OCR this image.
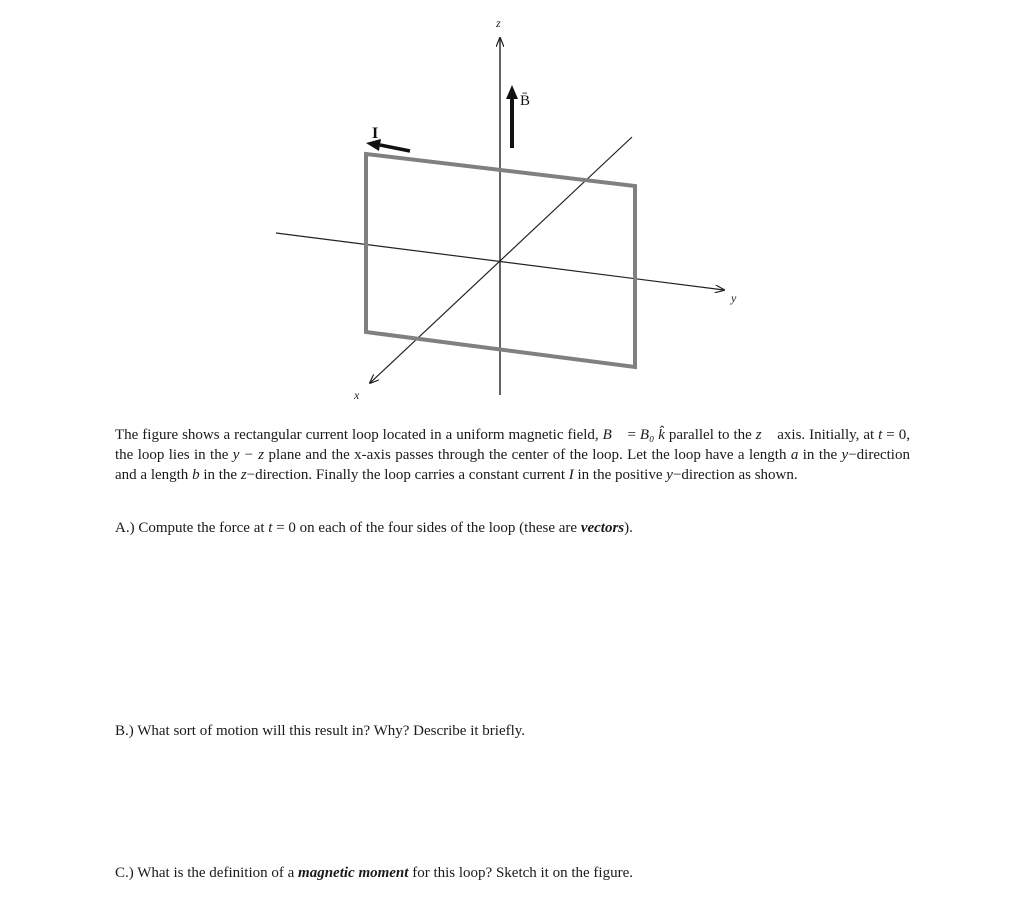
z
y
x
B̄
I
The figure shows a rectangular current loop located in a uniform magnetic field, B⃗ = B₀ k̂ parallel to the z⃗ axis. Initially, at t = 0, the loop lies in the y − z plane and the x-axis passes through the center of the loop. Let the loop have a length a in the y−direction and a length b in the z−direction. Finally the loop carries a constant current I in the positive y−direction as shown.
A.) Compute the force at t = 0 on each of the four sides of the loop (these are vectors).
B.) What sort of motion will this result in? Why? Describe it briefly.
C.) What is the definition of a magnetic moment for this loop? Sketch it on the figure.
